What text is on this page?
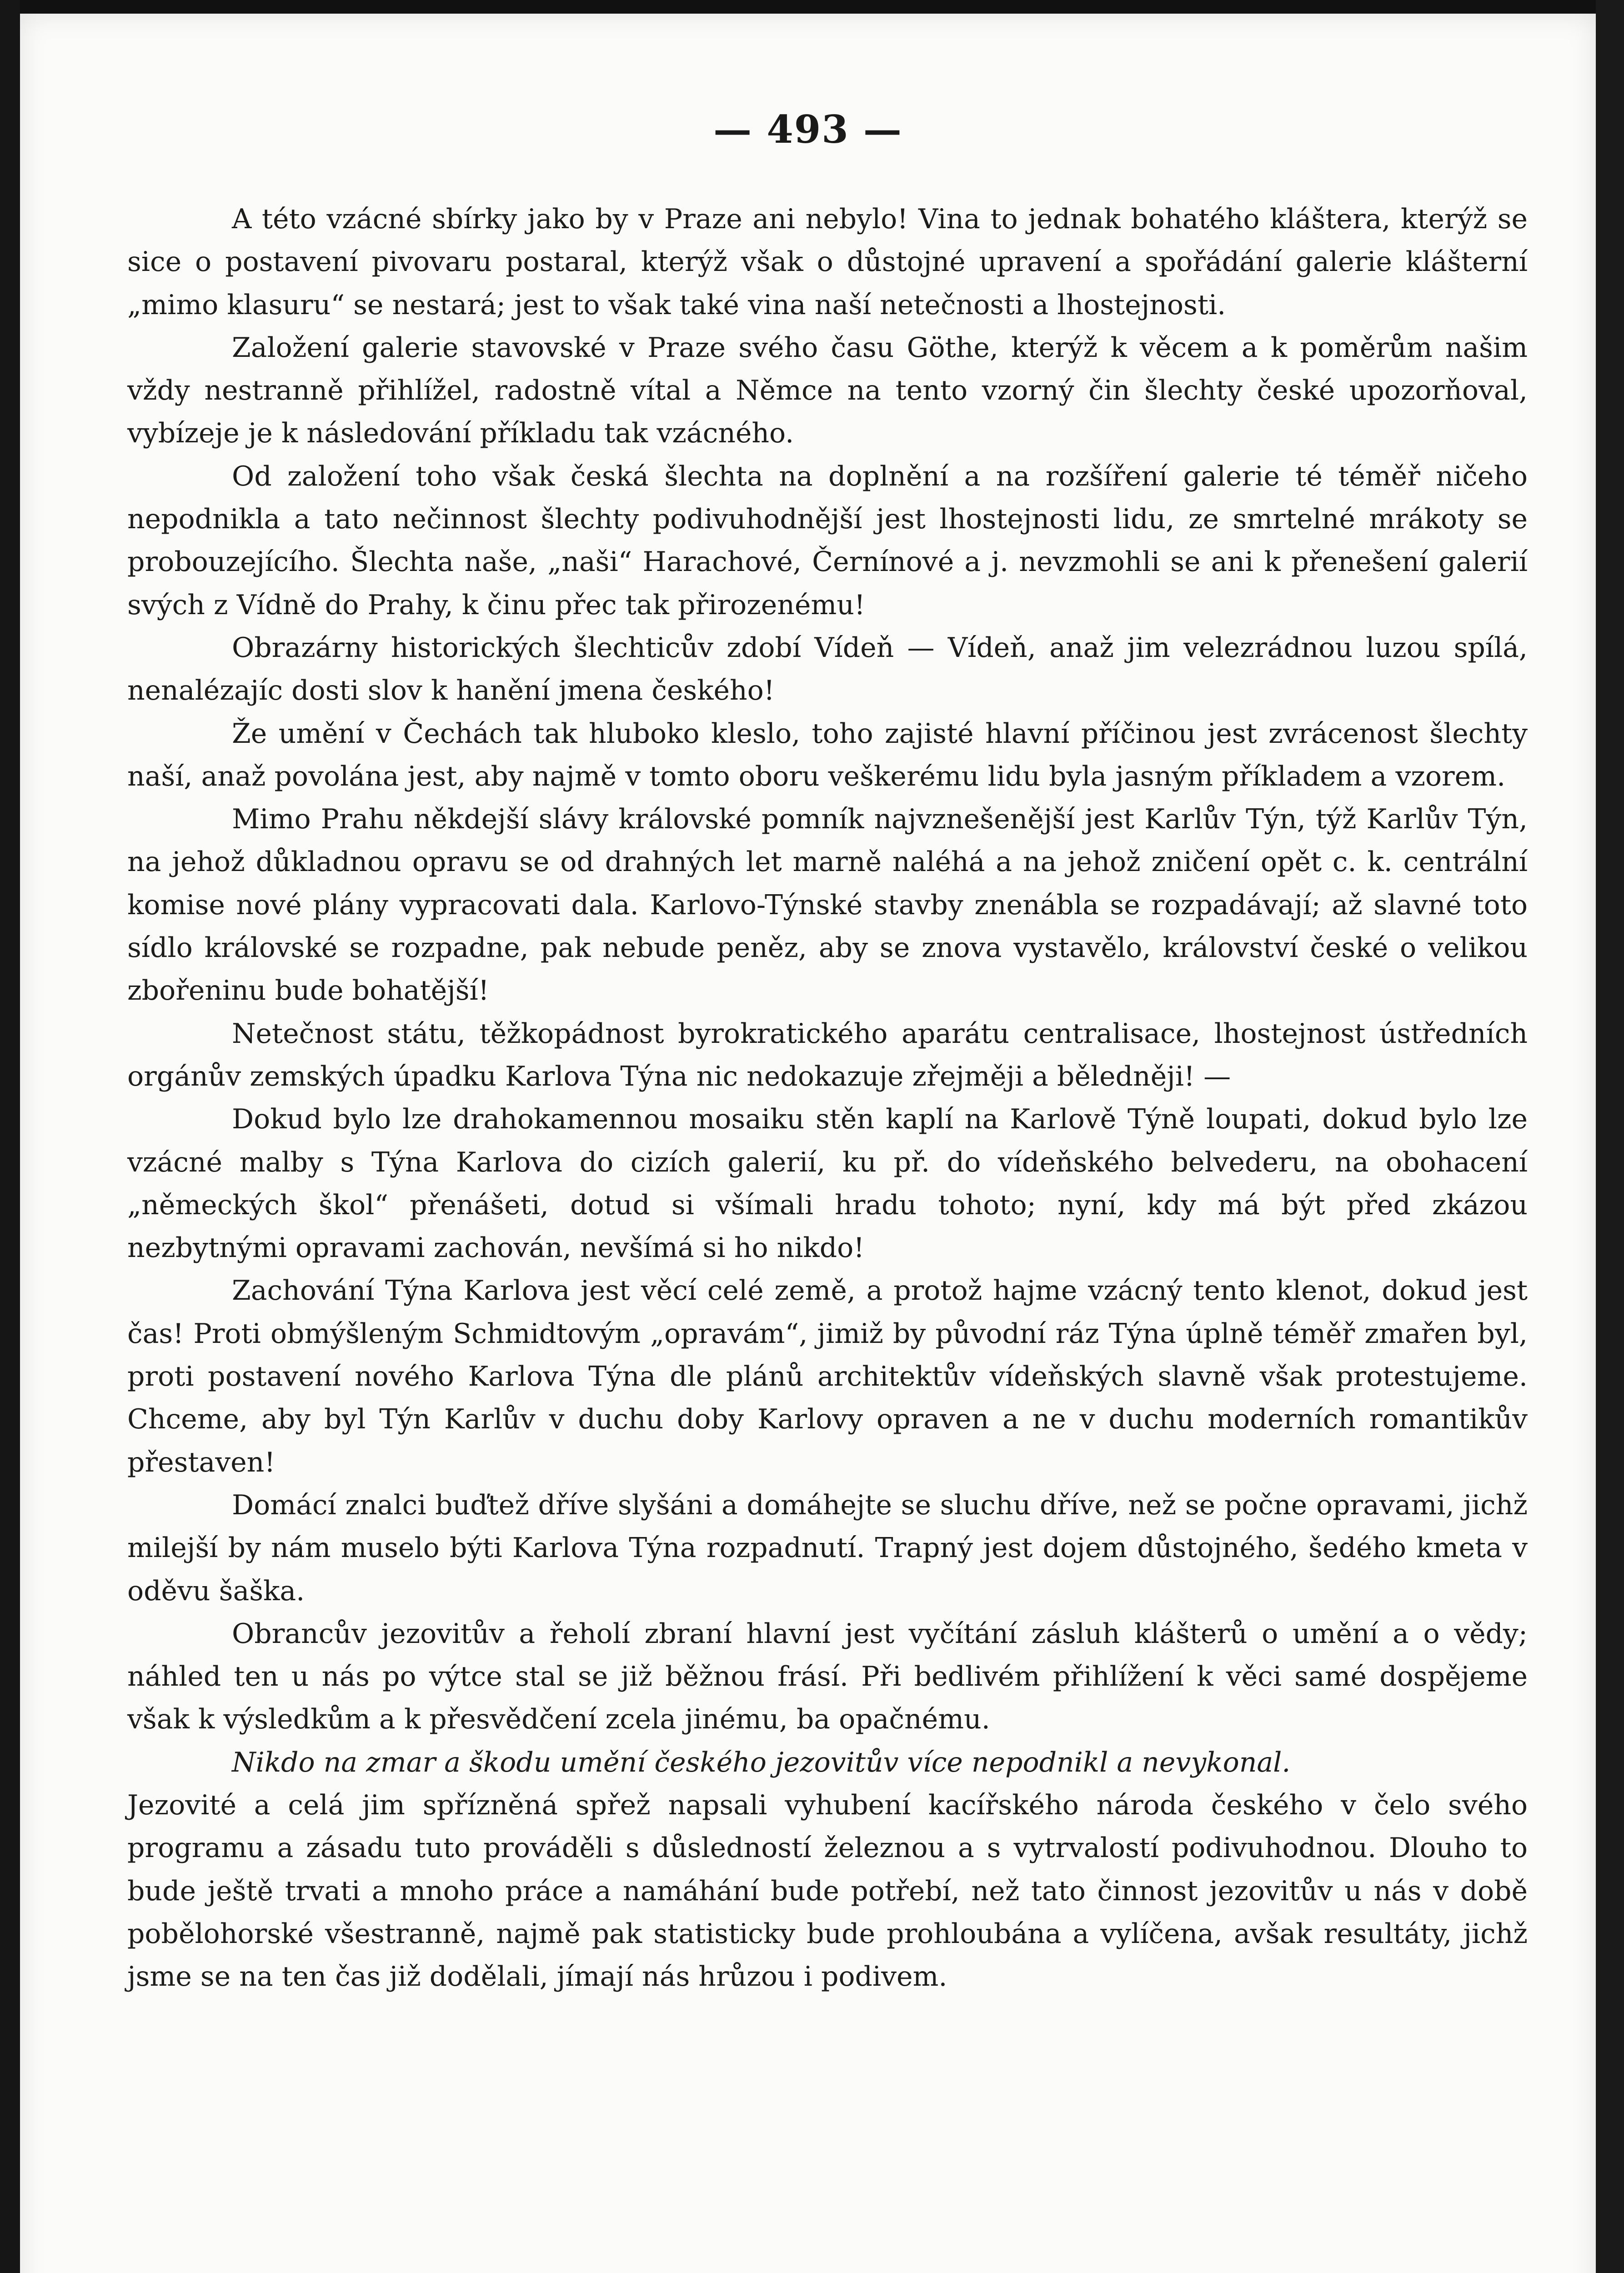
— 493 —

A této vzácné sbírky jako by v Praze ani nebylo! Vina to jednak bohatého kláštera, kterýž se sice o postavení pivovaru postaral, kterýž však o důstojné upravení a spořádání galerie klášterní „mimo klasuru“ se nestará; jest to však také vina naší netečnosti a lhostejnosti.

Založení galerie stavovské v Praze svého času Göthe, kterýž k věcem a k poměrům našim vždy nestranně přihlížel, radostně vítal a Němce na tento vzorný čin šlechty české upozorňoval, vybízeje je k následování příkladu tak vzácného.

Od založení toho však česká šlechta na doplnění a na rozšíření galerie té téměř ničeho nepodnikla a tato nečinnost šlechty podivuhodnější jest lhostejnosti lidu, ze smrtelné mrákoty se probouzejícího. Šlechta naše, „naši“ Harachové, Černínové a j. nevzmohli se ani k přenešení galerií svých z Vídně do Prahy, k činu přec tak přirozenému!

Obrazárny historických šlechticův zdobí Vídeň — Vídeň, anaž jim velezrádnou luzou spílá, nenalézajíc dosti slov k hanění jmena českého!

Že umění v Čechách tak hluboko kleslo, toho zajisté hlavní příčinou jest zvrácenost šlechty naší, anaž povolána jest, aby najmě v tomto oboru veškerému lidu byla jasným příkladem a vzorem.

Mimo Prahu někdejší slávy královské pomník najvznešenější jest Karlův Týn, týž Karlův Týn, na jehož důkladnou opravu se od drahných let marně naléhá a na jehož zničení opět c. k. centrální komise nové plány vypracovati dala. Karlovo-Týnské stavby znenábla se rozpadávají; až slavné toto sídlo královské se rozpadne, pak nebude peněz, aby se znova vystavělo, království české o velikou zbořeninu bude bohatější!

Netečnost státu, těžkopádnost byrokratického aparátu centralisace, lhostejnost ústředních orgánův zemských úpadku Karlova Týna nic nedokazuje zřejměji a běledněji! —

Dokud bylo lze drahokamennou mosaiku stěn kaplí na Karlově Týně loupati, dokud bylo lze vzácné malby s Týna Karlova do cizích galerií, ku př. do vídeňského belvederu, na obohacení „německých škol“ přenášeti, dotud si všímali hradu tohoto; nyní, kdy má být před zkázou nezbytnými opravami zachován, nevšímá si ho nikdo!

Zachování Týna Karlova jest věcí celé země, a protož hajme vzácný tento klenot, dokud jest čas! Proti obmýšleným Schmidtovým „opravám“, jimiž by původní ráz Týna úplně téměř zmařen byl, proti postavení nového Karlova Týna dle plánů architektův vídeňských slavně však protestujeme. Chceme, aby byl Týn Karlův v duchu doby Karlovy opraven a ne v duchu moderních romantikův přestaven!

Domácí znalci buďtež dříve slyšáni a domáhejte se sluchu dříve, než se počne opravami, jichž milejší by nám muselo býti Karlova Týna rozpadnutí. Trapný jest dojem důstojného, šedého kmeta v oděvu šaška.

Obrancův jezovitův a řeholí zbraní hlavní jest vyčítání zásluh klášterů o umění a o vědy; náhled ten u nás po výtce stal se již běžnou frásí. Při bedlivém přihlížení k věci samé dospějeme však k výsledkům a k přesvědčení zcela jinému, ba opačnému.

Nikdo na zmar a škodu umění českého jezovitův více nepodnikl a nevykonal.

Jezovité a celá jim spřízněná spřež napsali vyhubení kacířského národa českého v čelo svého programu a zásadu tuto prováděli s důsledností železnou a s vytrvalostí podivuhodnou. Dlouho to bude ještě trvati a mnoho práce a namáhání bude potřebí, než tato činnost jezovitův u nás v době pobělohorské všestranně, najmě pak statisticky bude prohloubána a vylíčena, avšak resultáty, jichž jsme se na ten čas již dodělali, jímají nás hrůzou i podivem.
